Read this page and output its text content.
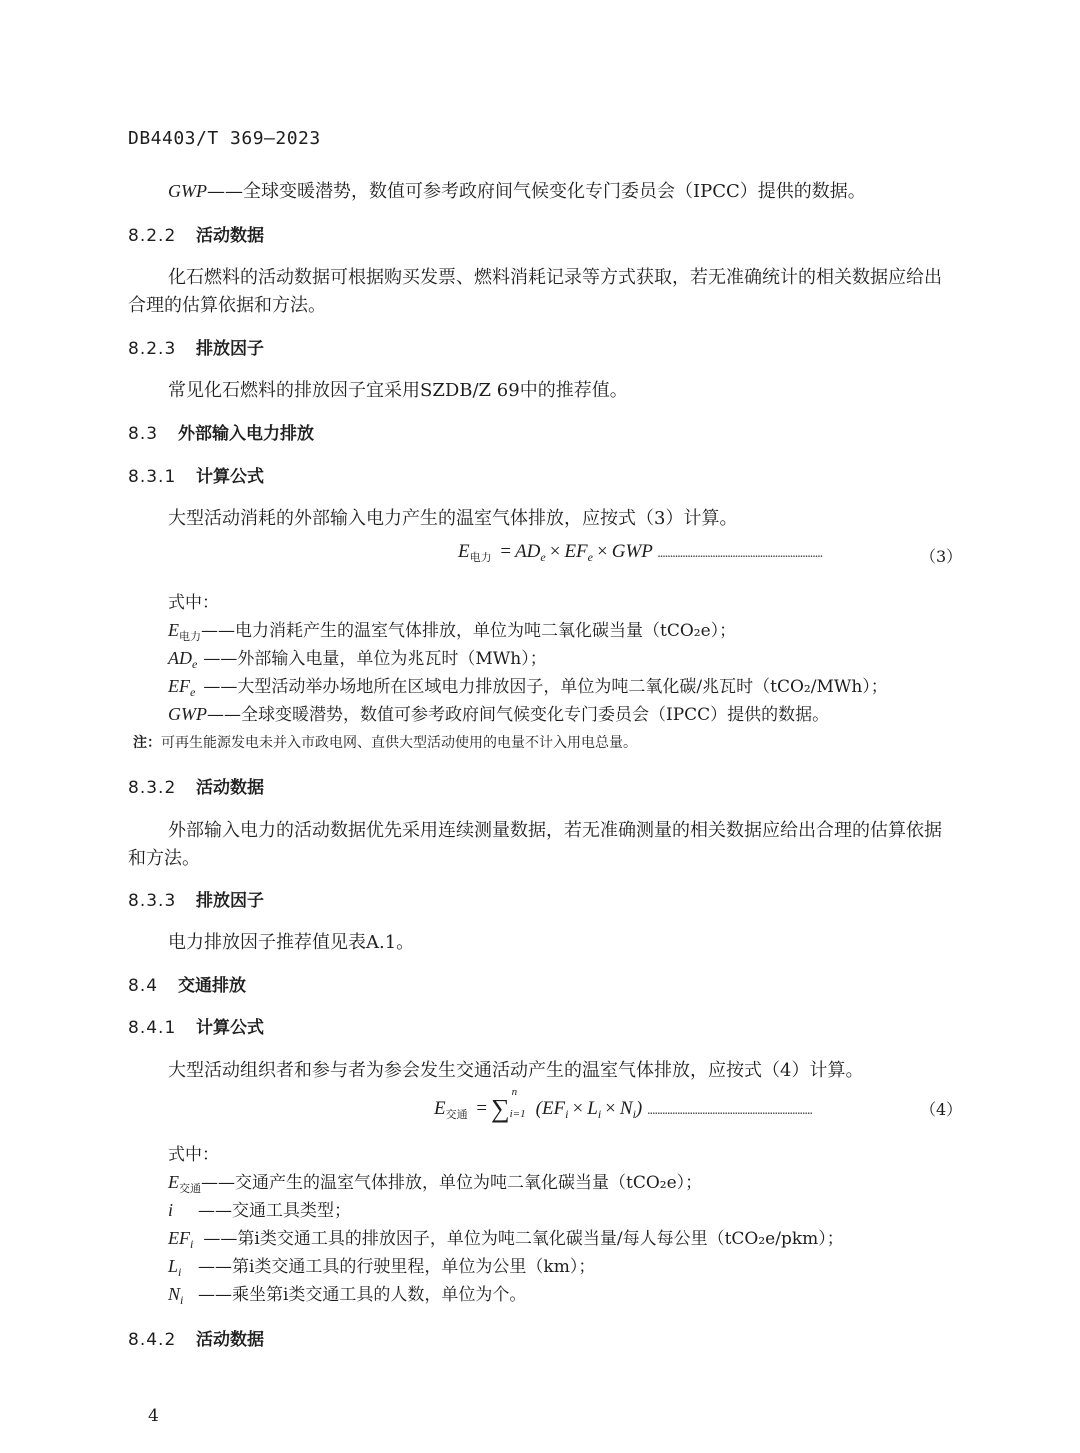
DB4403/T 369—2023
GWP——全球变暖潜势，数值可参考政府间气候变化专门委员会（IPCC）提供的数据。
8.2.2 活动数据
化石燃料的活动数据可根据购买发票、燃料消耗记录等方式获取，若无准确统计的相关数据应给出
合理的估算依据和方法。
8.2.3 排放因子
常见化石燃料的排放因子宜采用SZDB/Z 69中的推荐值。
8.3 外部输入电力排放
8.3.1 计算公式
大型活动消耗的外部输入电力产生的温室气体排放，应按式（3）计算。
$E_{电力} = AD_e \times EF_e$ × GWP ..................................................................	（3）
式中：
$E_{电力}——$电力消耗产生的温室气体排放，单位为吨二氧化碳当量（tCO₂e）；
$AD_e$ ——外部输入电量，单位为兆瓦时（MWh）；
$EF_e$ ——大型活动举办场地所在区域电力排放因子，单位为吨二氧化碳/兆瓦时（tCO₂/MWh）；
GWP——全球变暖潜势，数值可参考政府间气候变化专门委员会（IPCC）提供的数据。
注：可再生能源发电未并入市政电网、直供大型活动使用的电量不计入用电总量。
8.3.2 活动数据
外部输入电力的活动数据优先采用连续测量数据，若无准确测量的相关数据应给出合理的估算依据
和方法。
8.3.3 排放因子
电力排放因子推荐值见表A.1。
8.4 交通排放
8.4.1 计算公式
大型活动组织者和参与者为参会发生交通活动产生的温室气体排放，应按式（4）计算。
$E_{交通}$ = ∑
n
i=1 $(EF_i \times L_i \times N_i)$ ..................................................................	（4）
式中：
$E_{交通}——$交通产生的温室气体排放，单位为吨二氧化碳当量（tCO₂e）；
i ——交通工具类型；
$EF_i$ ——第i类交通工具的排放因子，单位为吨二氧化碳当量/每人每公里（tCO₂e/pkm）；
$L_i$ ——第i类交通工具的行驶里程，单位为公里（km）；
$N_i$ ——乘坐第i类交通工具的人数，单位为个。
8.4.2 活动数据
4
